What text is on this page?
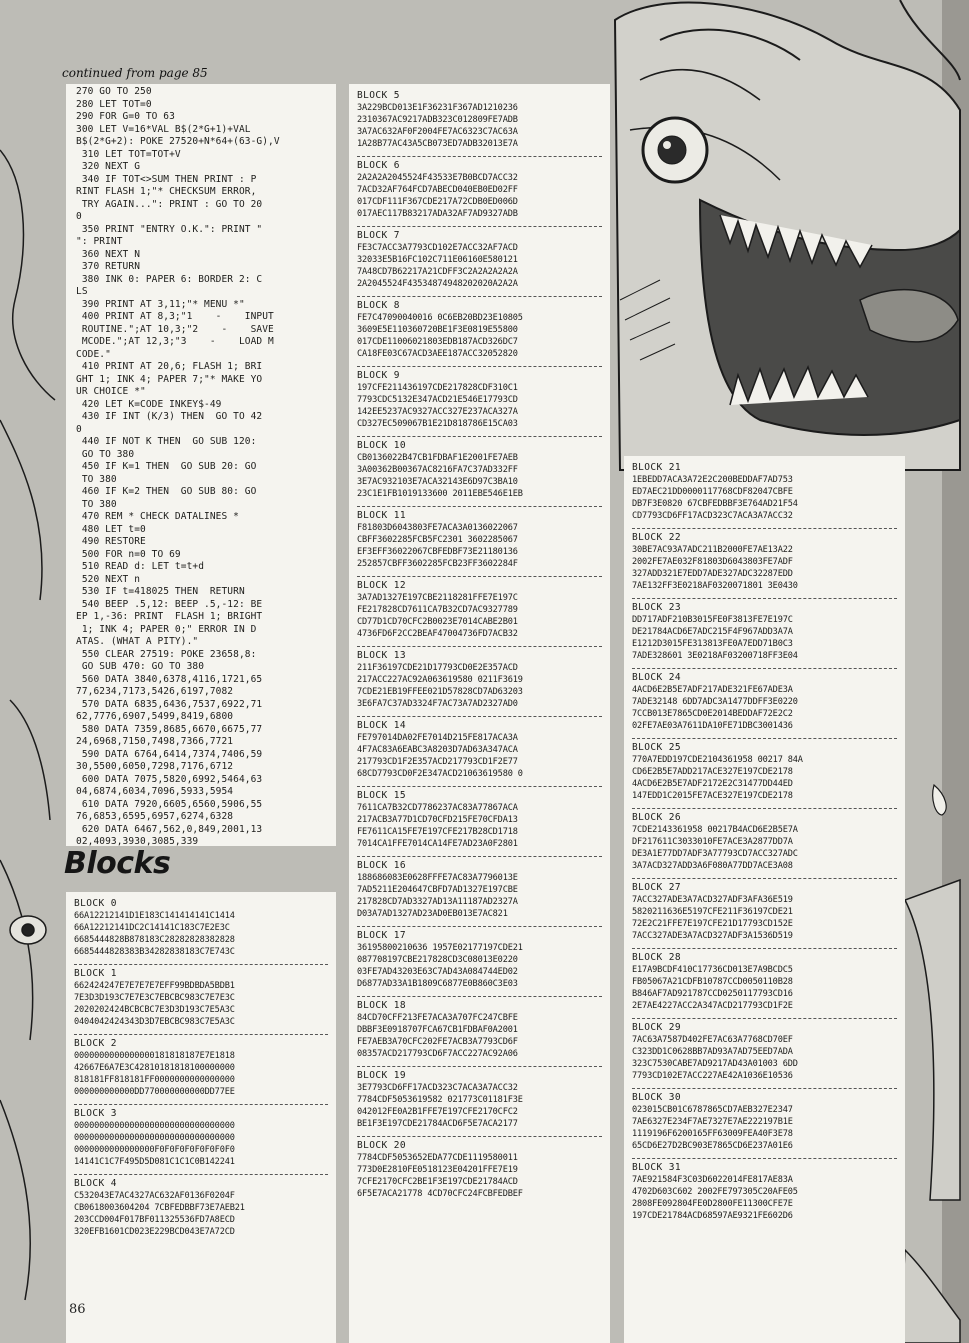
continued from page 85

270 GO TO 250
280 LET TOT=0
290 FOR G=0 TO 63
300 LET V=16*VAL B$(2*G+1)+VAL
B$(2*G+2): POKE 27520+N*64+(63-G),V
310 LET TOT=TOT+V
320 NEXT G
340 IF TOT<>SUM THEN PRINT : P
RINT FLASH 1;"* CHECKSUM ERROR,
TRY AGAIN...": PRINT : GO TO 20
0
350 PRINT "ENTRY O.K.": PRINT "
": PRINT
360 NEXT N
370 RETURN
380 INK 0: PAPER 6: BORDER 2: C
LS
390 PRINT AT 3,11;"* MENU *"
400 PRINT AT 8,3;"1    -    INPUT
ROUTINE.";AT 10,3;"2    -    SAVE
MCODE.";AT 12,3;"3    -    LOAD M
CODE."
410 PRINT AT 20,6; FLASH 1; BRI
GHT 1; INK 4; PAPER 7;"* MAKE YO
UR CHOICE *"
420 LET K=CODE INKEY$-49
430 IF INT (K/3) THEN  GO TO 42
0
440 IF NOT K THEN  GO SUB 120:
GO TO 380
450 IF K=1 THEN  GO SUB 20: GO
TO 380
460 IF K=2 THEN  GO SUB 80: GO
TO 380
470 REM * CHECK DATALINES *
480 LET t=0
490 RESTORE
500 FOR n=0 TO 69
510 READ d: LET t=t+d
520 NEXT n
530 IF t=418025 THEN  RETURN
540 BEEP .5,12: BEEP .5,-12: BE
EP 1,-36: PRINT  FLASH 1; BRIGHT
1; INK 4; PAPER 0;" ERROR IN D
ATAS. (WHAT A PITY)."
550 CLEAR 27519: POKE 23658,8:
GO SUB 470: GO TO 380
560 DATA 3840,6378,4116,1721,65
77,6234,7173,5426,6197,7082
570 DATA 6835,6436,7537,6922,71
62,7776,6907,5499,8419,6800
580 DATA 7359,8685,6670,6675,77
24,6968,7150,7498,7366,7721
590 DATA 6764,6414,7374,7406,59
30,5500,6050,7298,7176,6712
600 DATA 7075,5820,6992,5464,63
04,6874,6034,7096,5933,5954
610 DATA 7920,6605,6560,5906,55
76,6853,6595,6957,6274,6328
620 DATA 6467,562,0,849,2001,13
02,4093,3930,3085,339
Blocks
BLOCK 0
66A12212141D1E183C141414141C1414
66A12212141DC2C14141C183C7E2E3C
6685444828B878183C28282828382828
6685444828383B34282838183C7E743C
BLOCK 1
662424247E7E7E7E7EFF99BDBDA5BDB1
7E3D3D193C7E7E3C7EBCBC983C7E7E3C
2020202424BCBCBC7E3D3D193C7E5A3C
0404042424343D3D7EBCBC983C7E5A3C
BLOCK 2
0000000000000000181818187E7E1818
42667E6A7E3C42810181818100000000
818181FF818181FF0000000000000000
000000000000DD770000000000DD77EE
BLOCK 3
00000000000000000000000000000000
00000000000000000000000000000000
0000000000000000F0F0F0F0F0F0F0F0
14141C1C7F495D5D081C1C1C0B142241
BLOCK 4
C532043E7AC4327AC632AF0136F0204F
CB0618003604204 7CBFEDBBF73E7AEB21
203CCD004F017BF011325536FD7A8ECD
320EFB1601CD023E229BCD043E7A72CD
BLOCK 5
3A229BCD013E1F36231F367AD1210236
2310367AC9217ADB323C012809FE7ADB
3A7AC632AF0F2004FE7AC6323C7AC63A
1A28B77AC43A5CB073ED7ADB32013E7A
BLOCK 6
2A2A2A2045524F43533E7B0BCD7ACC32
7ACD32AF764FCD7ABECD040EB0ED02FF
017CDF111F367CDE217A72CDB0ED006D
017AEC117B83217ADA32AF7AD9327ADB
BLOCK 7
FE3C7ACC3A7793CD102E7ACC32AF7ACD
32033E5B16FC102C711E06160E580121
7A48CD7B62217A21CDFF3C2A2A2A2A2A
2A2045524F43534874948202020A2A2A
BLOCK 8
FE7C47090040016 0C6EB20BD23E10805
3609E5E110360720BE1F3E0819E55800
017CDE11006021803EDB187ACD326DC7
CA18FE03C67ACD3AEE187ACC32052820
BLOCK 9
197CFE211436197CDE217828CDF310C1
7793CDC5132E347ACD21E546E17793CD
142EE5237AC9327ACC327E237ACA327A
CD327EC509067B1E21D818786E15CA03
BLOCK 10
CB0136022B47CB1FDBAF1E2001FE7AEB
3A00362B00367AC8216FA7C37AD332FF
3E7AC932103E7ACA32143E6D97C3BA10
23C1E1FB1019133600 2011EBE546E1EB
BLOCK 11
F81803D6043803FE7ACA3A0136022067
CBFF3602285FCB5FC2301 3602285067
EF3EFF36022067CBFEDBF73E21180136
252857CBFF3602285FCB23FF3602284F
BLOCK 12
3A7AD1327E197CBE2118281FFE7E197C
FE217828CD7611CA7B32CD7AC9327789
CD77D1CD70CFC2B0023E7014CABE2B01
4736FD6F2CC2BEAF47004736FD7ACB32
BLOCK 13
211F36197CDE21D17793CD0E2E357ACD
217ACC227AC92A063619580 0211F3619
7CDE21EB19FFEE021D57828CD7AD63203
3E6FA7C37AD3324F7AC73A7AD2327AD0
BLOCK 14
FE797014DA02FE7014D215FE817ACA3A
4F7AC83A6EABC3A8203D7AD63A347ACA
217793CD1F2E357ACD217793CD1F2E77
68CD7793CD0F2E347ACD21063619580 0
BLOCK 15
7611CA7B32CD7786237AC83A77867ACA
217ACB3A77D1CD70CFD215FE70CFDA13
FE7611CA15FE7E197CFE217B28CD1718
7014CA1FFE7014CA14FE7AD23A0F2801
BLOCK 16
188686083E0628FFFE7AC83A7796013E
7AD5211E204647CBFD7AD1327E197CBE
217828CD7AD3327AD13A11187AD2327A
D03A7AD1327AD23AD0EB013E7AC821
BLOCK 17
36195800210636 1957E02177197CDE21
087708197CBE217828CD3C08013E0220
03FE7AD43203E63C7AD43A084744ED02
D6877AD33A1B1809C6877E0B860C3E03
BLOCK 18
84CD70CFF213FE7ACA3A707FC247CBFE
DBBF3E0918707FCA67CB1FDBAF0A2001
FE7AEB3A70CFC202FE7ACB3A7793CD6F
08357ACD217793CD6F7ACC227AC92A06
BLOCK 19
3E7793CD6FF17ACD323C7ACA3A7ACC32
7784CDF5053619582 021773C01181F3E
042012FE0A2B1FFE7E197CFE2170CFC2
BE1F3E197CDE21784ACD6F5E7ACA2177
BLOCK 20
7784CDF5053652EDA77CDE1119580011
773D0E2810FE0518123E04201FFE7E19
7CFE2170CFC2BE1F3E197CDE21784ACD
6F5E7ACA21778 4CD70CFC24FCBFEDBEF
BLOCK 21
1EBEDD7ACA3A72E2C200BEDDAF7AD753
ED7AEC21DD0000117768CDF82047CBFE
DB7F3E0820 67CBFEDBBF3E764AD21F54
CD7793CD6FF17ACD323C7ACA3A7ACC32
BLOCK 22
30BE7AC93A7ADC211B2000FE7AE13A22
2002FE7AE032F81803D6043803FE7ADF
327ADD321E7EDD7ADE327ADC32287EDD
7AE132FF3E0218AF0320071801 3E0430
BLOCK 23
DD717ADF210B3015FE0F3813FE7E197C
DE21784ACD6E7ADC215F4F967ADD3A7A
E1212D3015FE313813FE0A7EDD71B0C3
7ADE328601 3E0218AF03200718FF3E04
BLOCK 24
4ACD6E2B5E7ADF217ADE321FE67ADE3A
7ADE32148 6DD7ADC3A1477DDFF3E0220
7CCB013E7865CD0E2014BEDDAF72E2C2
02FE7AE03A7611DA10FE71DBC3001436
BLOCK 25
770A7EDD197CDE2104361958 00217 84A
CD6E2B5E7ADD217ACE327E197CDE2178
4ACD6E2B5E7ADF2172E2C31477DD44ED
147EDD1C2015FE7ACE327E197CDE2178
BLOCK 26
7CDE2143361958 00217B4ACD6E2B5E7A
DF217611C3033010FE7ACE3A2877DD7A
DE3A1E77DD7ADF3A77793CD7ACC327ADC
3A7ACD327ADD3A6F080A77DD7ACE3A08
BLOCK 27
7ACC327ADE3A7ACD327ADF3AFA36E519
5820211636E5197CFE211F36197CDE21
72E2C21FFE7E197CFE21D17793CD152E
7ACC327ADE3A7ACD327ADF3A1536D519
BLOCK 28
E17A9BCDF410C17736CD013E7A9BCDC5
FB05067A21CDFB10787CCD0050110B28
B846AF7AD921787CCD0250117793CD16
2E7AE4227ACC2A347ACD217793CD1F2E
BLOCK 29
7AC63A7587D402FE7AC63A7768CD70EF
C323DD1C0628BB7AD93A7AD75EED7ADA
323C7530CABE7AD9217AD43A01003 6DD
7793CD102E7ACC227AE42A1036E10536
BLOCK 30
023015CB01C6787865CD7AEB327E2347
7AE6327E234F7AE7327E7AE222197B1E
1119196F6200165FF63009FEA40F3E78
65CD6E27D2BC903E7865CD6E237A01E6
BLOCK 31
7AE921584F3C03D6022014FE817AE83A
4702D603C602 2002FE797305C20AFE05
2808FE092804FE0D2800FE11300CFE7E
197CDE21784ACD68597AE9321FE602D6

86
